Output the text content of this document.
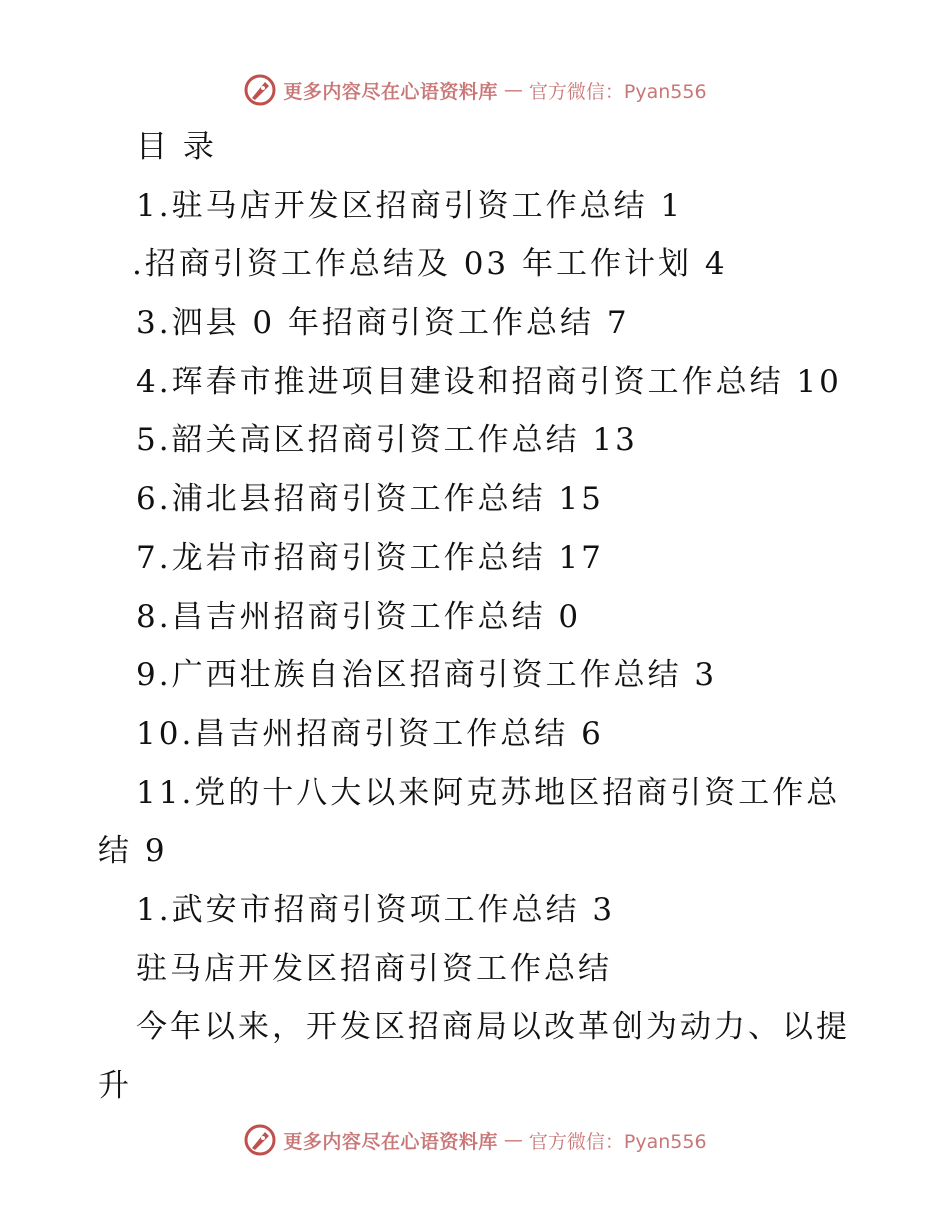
更多内容尽在心语资料库 — 官方微信：Pyan556
目 录
1.驻马店开发区招商引资工作总结 1
.招商引资工作总结及 03 年工作计划 4
3.泗县 0 年招商引资工作总结 7
4.珲春市推进项目建设和招商引资工作总结 10
5.韶关高区招商引资工作总结 13
6.浦北县招商引资工作总结 15
7.龙岩市招商引资工作总结 17
8.昌吉州招商引资工作总结 0
9.广西壮族自治区招商引资工作总结 3
10.昌吉州招商引资工作总结 6
11.党的十八大以来阿克苏地区招商引资工作总
结 9
1.武安市招商引资项工作总结 3
驻马店开发区招商引资工作总结
今年以来，开发区招商局以改革创为动力、以提
升
更多内容尽在心语资料库 — 官方微信：Pyan556
